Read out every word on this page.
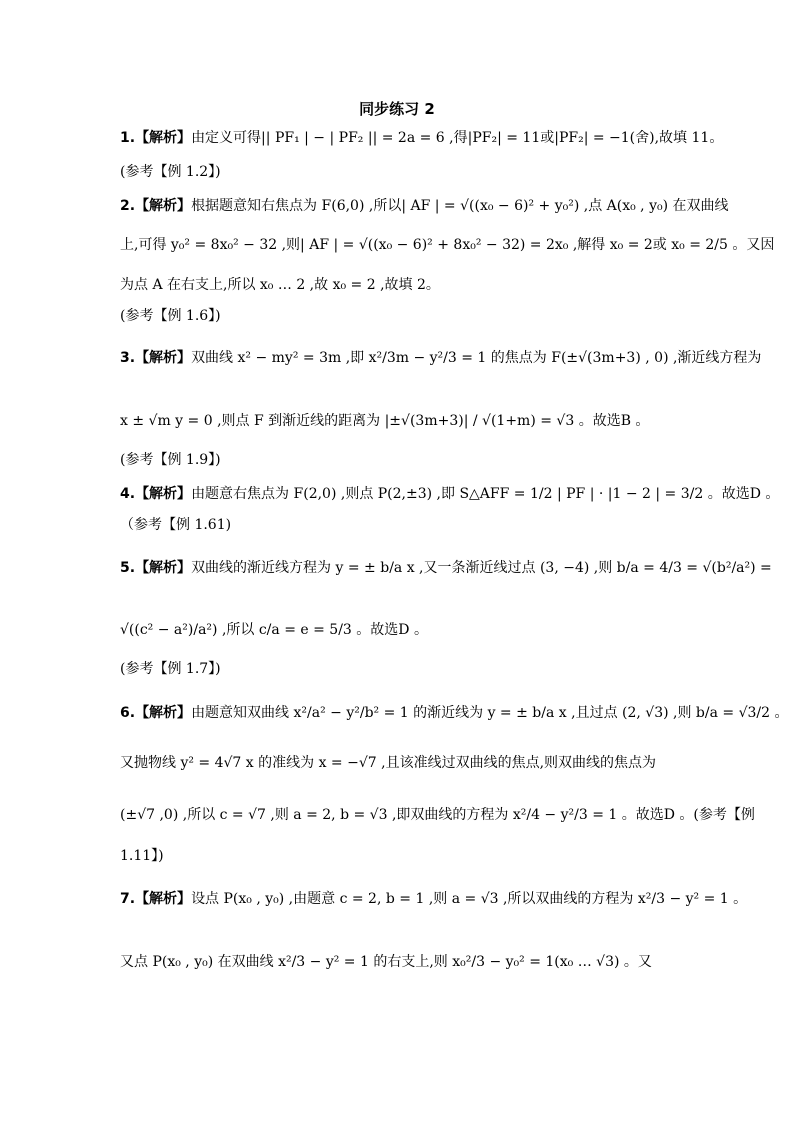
同步练习 2
1.【解析】由定义可得|| PF₁ | − | PF₂ || = 2a = 6 ,得|PF₂| = 11或|PF₂| = −1(舍),故填 11。
(参考【例 1.2】)
2.【解析】根据题意知右焦点为 F(6,0) ,所以| AF | = √((x₀ − 6)² + y₀²) ,点 A(x₀ , y₀) 在双曲线
上,可得 y₀² = 8x₀² − 32 ,则| AF | = √((x₀ − 6)² + 8x₀² − 32) = 2x₀ ,解得 x₀ = 2或 x₀ = 2/5 。又因
为点 A 在右支上,所以 x₀ … 2 ,故 x₀ = 2 ,故填 2。
(参考【例 1.6】)
3.【解析】双曲线 x² − my² = 3m ,即 x²/3m − y²/3 = 1 的焦点为 F(±√(3m+3) , 0) ,渐近线方程为
x ± √m y = 0 ,则点 F 到渐近线的距离为 |±√(3m+3)| / √(1+m) = √3 。故选B 。
(参考【例 1.9】)
4.【解析】由题意右焦点为 F(2,0) ,则点 P(2,±3) ,即 S△AFF = 1/2 | PF | · |1 − 2 | = 3/2 。故选D 。
（参考【例 1.61)
5.【解析】双曲线的渐近线方程为 y = ± b/a x ,又一条渐近线过点 (3, −4) ,则 b/a = 4/3 = √(b²/a²) =
√((c² − a²)/a²) ,所以 c/a = e = 5/3 。故选D 。
(参考【例 1.7】)
6.【解析】由题意知双曲线 x²/a² − y²/b² = 1 的渐近线为 y = ± b/a x ,且过点 (2, √3) ,则 b/a = √3/2 。
又抛物线 y² = 4√7 x 的准线为 x = −√7 ,且该准线过双曲线的焦点,则双曲线的焦点为
(±√7 ,0) ,所以 c = √7 ,则 a = 2, b = √3 ,即双曲线的方程为 x²/4 − y²/3 = 1 。故选D 。(参考【例
1.11】)
7.【解析】设点 P(x₀ , y₀) ,由题意 c = 2, b = 1 ,则 a = √3 ,所以双曲线的方程为 x²/3 − y² = 1 。
又点 P(x₀ , y₀) 在双曲线 x²/3 − y² = 1 的右支上,则 x₀²/3 − y₀² = 1(x₀ … √3) 。又
